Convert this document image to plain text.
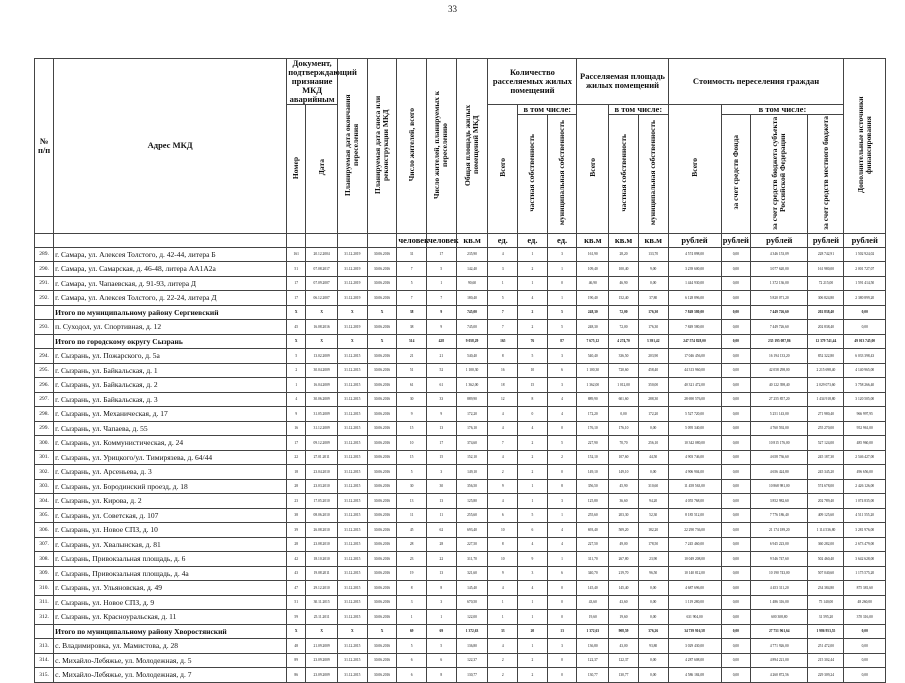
33
№ п/п	Адрес МКД	Документ, подтверждающий признание МКД аварийным		Планируемая дата окончания переселения	Планируемая дата сноса или реконструкции МКД	Число жителей, всего	Число жителей, планируемых к переселению	Общая площадь жилых помещений МКД	Количество расселяемых жилых помещений			Расселяемая площадь жилых помещений			Стоимость переселения граждан				Дополнительные источники финансирования
		Номер	Дата						Всего	в том числе:		Всего	в том числе:		Всего	в том числе:			
										частная собственность	муниципальная собственность		частная собственность	муниципальная собственность		за счет средств Фонда	за счет средств бюджета субъекта Российской Федерации	за счет средств местного бюджета	
						человек	человек	кв.м	ед.	ед.	ед.	кв.м	кв.м	кв.м	рублей	рублей	рублей	рублей	рублей
289.	г. Самара, ул. Алексея Толстого, д. 42-44, литера Б	161	20.12.2004	31.12.2019	30.06.2016	31	17	235,90	4	1	3	161,90	28,20	133,70	4 574 898,00	0,00	4 346 153,09	228 742,91	1 502 924,02
290.	г. Самара, ул. Самарская, д. 46-48, литера АА1А2а	51	07.08.2017	31.12.2019	30.06.2016	7	5	142,40	3	2	1	109,40	100,40	9,00	3 239 600,00	0,00	3 077 620,00	161 980,00	2 001 727,07
291.	г. Самара, ул. Чапаевская, д. 91-93, литера Д	17	07.09.2007	31.12.2019	30.06.2016	5	1	90,60	1	1	0	46,90	46,90	0,00	1 444 930,00	0,00	1 372 136,00	72 215,00	1 591 414,50
292.	г. Самара, ул. Алексея Толстого, д. 22-24, литера Д	17	06.12.2007	31.12.2019	30.06.2016	7	7	180,40	5	4	1	190,40	152,40	37,80	6 128 896,00	0,00	5 820 071,20	306 824,80	2 380 899,20
	Итого по муниципальному району Сергиевский	X	X	X	X	38	9	745,00	7	2	5	248,30	72,00	176,30	7 849 580,00	0,00	7 449 726,60	202 838,40	0,00
293.	п. Суходол, ул. Спортивная, д. 12	45	16.08.2016	31.12.2019	30.06.2016	38	9	745,00	7	2	5	248,30	72,00	176,30	7 849 580,00	0,00	7 449 726,60	202 838,40	0,00
	Итого по городскому округу Сызрань	X	X	X	X	514	428	9 058,29	165	76	87	7 675,12	4 274,70	3 391,42	247 574 828,00	0,00	235 195 087,86	12 379 741,44	49 013 745,00
294.	г. Сызрань, ул. Пожарского, д. 5а	5	13.02.2009	31.12.2015	30.06.2016	21	21	540,40	8	5	3	540,40	336,50	203,90	17 046 456,00	0,00	16 194 133,20	852 322,80	6 033 398,43
295.	г. Сызрань, ул. Байкальская, д. 1	2	30.04.2009	31.12.2015	30.06.2016	51	52	1 100,30	16	10	6	1 100,30	720,60	458,40	44 313 960,00	0,00	42 058 298,00	2 215 698,40	4 140 965,00
296.	г. Сызрань, ул. Байкальская, д. 2	1	16.04.2009	31.12.2015	30.06.2016	61	61	1 362,00	18	15	3	1 362,00	1 012,00	350,00	40 321 472,00	0,00	40 122 398,40	2 029 073,60	3 758 266,40
297.	г. Сызрань, ул. Байкальская, д. 3	4	30.06.2009	31.12.2015	30.06.2016	30	33	889,90	12	8	4	889,90	601,60	288,30	28 690 576,00	0,00	27 255 857,20	1 434 918,80	3 120 505,00
298.	г. Сызрань, ул. Механическая, д. 17	9	31.05.2009	31.12.2015	30.06.2016	9	9	172,20	4	0	4	172,20	0,00	172,20	5 527 720,00	0,00	5 251 143,00	271 980,40	966 997,95
299.	г. Сызрань, ул. Чапаева, д. 55	16	31.12.2009	31.12.2015	30.06.2016	15	13	176,10	4	4	0	176,10	176,10	0,00	5 095 340,00	0,00	4 760 592,00	255 270,00	952 961,00
300.	г. Сызрань, ул. Коммунистическая, д. 24	17	09.12.2009	31.12.2015	30.06.2016	10	17	374,60	7	2	5	227,90	70,70	256,10	10 342 080,00	0,00	10 815 176,00	527 124,00	485 960,00
301.	г. Сызрань, ул. Урицкого/ул. Тимирязева, д. 64/44	22	27.01.2011	31.12.2015	30.06.2016	15	15	152,10	4	2	2	152,10	107,60	44,50	4 903 746,00	0,00	4 658 736,60	245 187,30	2 546 427,00
302.	г. Сызрань, ул. Арсеньева, д. 3	18	23.04.2010	31.12.2015	30.06.2016	5	3	149,10	2	2	0	149,10	149,10	0,00	4 906 904,00	0,00	4 656 424,80	245 345,20	496 656,00
303.	г. Сызрань, ул. Бородинский проезд, д. 18	28	23.03.2010	31.12.2015	30.06.2016	30	30	356,50	9	1	8	356,50	45,90	310,60	11 458 563,00	0,00	10 868 981,00	574 678,00	2 426 126,00
304.	г. Сызрань, ул. Кирова, д. 2	23	17.05.2010	31.12.2015	30.06.2016	13	13	125,80	4	1	3	125,80	36,60	94,20	4 055 768,00	0,00	3 852 982,60	202 789,40	1 074 835,00
305.	г. Сызрань, ул. Советская, д. 107	38	08.06.2010	31.12.2015	30.06.2016	11	11	255,60	6	5	1	255,60	203,30	52,30	8 185 512,00	0,00	7 776 186,40	409 125,60	4 511 555,20
306.	г. Сызрань, ул. Новое СПЗ, д. 10	39	26.08.2010	31.12.2015	30.06.2016	45	62	693,40	10	6	4	693,40	509,20	182,20	22 290 736,00	0,00	21 174 189,20	1 114 536,80	3 281 976,00
307.	г. Сызрань, ул. Хвалынская, д. 81	28	23.08.2010	31.12.2015	30.06.2016	28	28	227,50	8	4	4	227,50	49,00	178,50	7 245 460,00	0,00	6 945 223,00	360 282,00	2 673 479,00
308.	г. Сызрань, Привокзальная площадь, д. 6	42	18.10.2010	31.12.2015	30.06.2016	23	22	311,70	10	9	1	311,70	267,80	23,90	10 049 208,00	0,00	9 546 747,60	502 460,40	3 642 628,00
309.	г. Сызрань, Привокзальная площадь, д. 4а	43	19.08.2011	31.12.2015	30.06.2016	19	13	321,60	9	3	6	340,70	219,70	96,50	10 140 812,00	0,00	10 190 743,00	507 040,60	1 175 575,20
310.	г. Сызрань, ул. Ульяновская, д. 49	47	29.12.2010	31.12.2015	30.06.2016	8	8	145,40	4	4	0	145,40	145,40	0,00	4 687 696,00	0,00	4 453 311,20	234 384,80	875 381,60
311.	г. Сызрань, ул. Новое СПЗ, д. 9	51	30.11.2015	31.12.2015	30.06.2016	3	3	670,50	1	1	0	43,60	43,60	0,00	1 119 280,00	0,00	1 486 316,00	75 140,00	48 260,00
312.	г. Сызрань, ул. Красноуральская, д. 11	59	25.11.2011	31.12.2015	30.06.2016	1	1	122,00	1	1	0	19,60	19,60	0,00	631 904,00	0,00	600 308,80	31 595,20	370 316,00
	Итого по муниципальному району Хворостянский	X	X	X	X	69	69	1 372,63	33	20	13	1 372,63	908,59	376,26	34 739 916,58	0,00	27 751 961,64	1 986 953,55	0,00
313.	с. Владимировка, ул. Мамистова, д. 28	48	21.09.2009	31.12.2015	30.06.2016	5	5	136,80	4	1	3	136,80	43,00	93,80	3 029 430,00	0,00	4 771 926,00	251 472,00	0,00
314.	с. Михайло-Лебяжье, ул. Молодежная, д. 5	89	23.09.2009	31.12.2015	30.06.2016	6	6	122,37	2	2	0	122,37	122,37	0,00	4 287 608,00	0,00	4 894 221,00	215 302,44	0,00
315.	с. Михайло-Лебяжье, ул. Молодежная, д. 7	86	23.09.2009	31.12.2015	30.06.2016	6	8	130,77	2	2	0	130,77	130,77	0,00	4 586 184,08	0,00	4 260 872,56	229 309,24	0,00
